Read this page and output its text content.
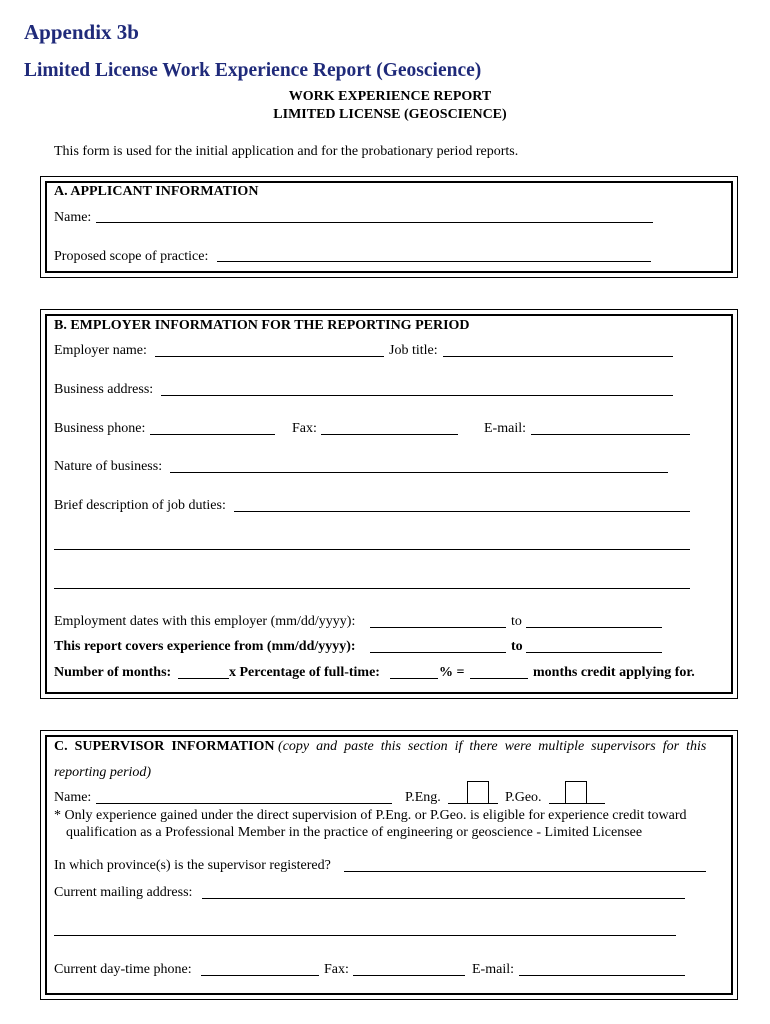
Appendix 3b
Limited License Work Experience Report (Geoscience)
WORK EXPERIENCE REPORT
LIMITED LICENSE (GEOSCIENCE)
This form is used for the initial application and for the probationary period reports.
A. APPLICANT INFORMATION
Name:
Proposed scope of practice:
B. EMPLOYER INFORMATION FOR THE REPORTING PERIOD
Employer name:	Job title:
Business address:
Business phone:	Fax:	E-mail:
Nature of business:
Brief description of job duties:
Employment dates with this employer (mm/dd/yyyy):	to
This report covers experience from (mm/dd/yyyy):	to
Number of months:	x Percentage of full-time:	% =	months credit applying for.
C.  SUPERVISOR  INFORMATION (copy  and  paste  this  section  if  there  were  multiple  supervisors  for  this
reporting period)
Name:	P.Eng.	P.Geo.
* Only experience gained under the direct supervision of P.Eng. or P.Geo. is eligible for experience credit toward
qualification as a Professional Member in the practice of engineering or geoscience - Limited Licensee
In which province(s) is the supervisor registered?
Current mailing address:
Current day-time phone:	Fax:	E-mail:
